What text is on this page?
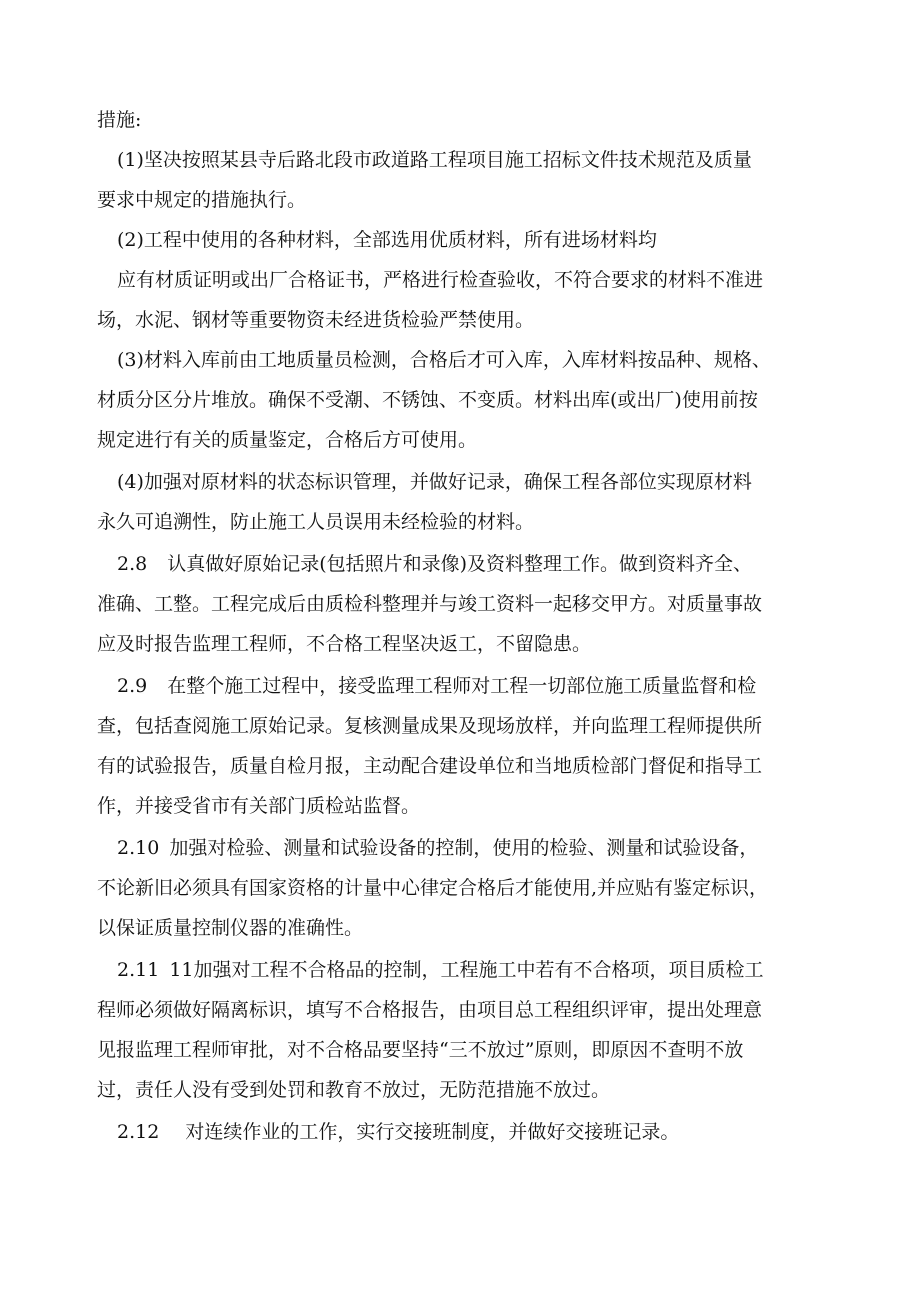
措施:
(1)坚决按照某县寺后路北段市政道路工程项目施工招标文件技术规范及质量
要求中规定的措施执行。
(2)工程中使用的各种材料，全部选用优质材料，所有进场材料均
应有材质证明或出厂合格证书，严格进行检查验收，不符合要求的材料不准进
场，水泥、钢材等重要物资未经进货检验严禁使用。
(3)材料入库前由工地质量员检测，合格后才可入库，入库材料按品种、规格、
材质分区分片堆放。确保不受潮、不锈蚀、不变质。材料出库(或出厂)使用前按
规定进行有关的质量鉴定，合格后方可使用。
(4)加强对原材料的状态标识管理，并做好记录，确保工程各部位实现原材料
永久可追溯性，防止施工人员误用未经检验的材料。
2.8 认真做好原始记录(包括照片和录像)及资料整理工作。做到资料齐全、
准确、工整。工程完成后由质检科整理并与竣工资料一起移交甲方。对质量事故
应及时报告监理工程师，不合格工程坚决返工，不留隐患。
2.9 在整个施工过程中，接受监理工程师对工程一切部位施工质量监督和检
查，包括查阅施工原始记录。复核测量成果及现场放样，并向监理工程师提供所
有的试验报告，质量自检月报，主动配合建设单位和当地质检部门督促和指导工
作，并接受省市有关部门质检站监督。
2.10 加强对检验、测量和试验设备的控制，使用的检验、测量和试验设备，
不论新旧必须具有国家资格的计量中心律定合格后才能使用,并应贴有鉴定标识，
以保证质量控制仪器的准确性。
2.11 11加强对工程不合格品的控制，工程施工中若有不合格项，项目质检工
程师必须做好隔离标识，填写不合格报告，由项目总工程组织评审，提出处理意
见报监理工程师审批，对不合格品要坚持“三不放过”原则，即原因不查明不放
过，责任人没有受到处罚和教育不放过，无防范措施不放过。
2.12 对连续作业的工作，实行交接班制度，并做好交接班记录。
